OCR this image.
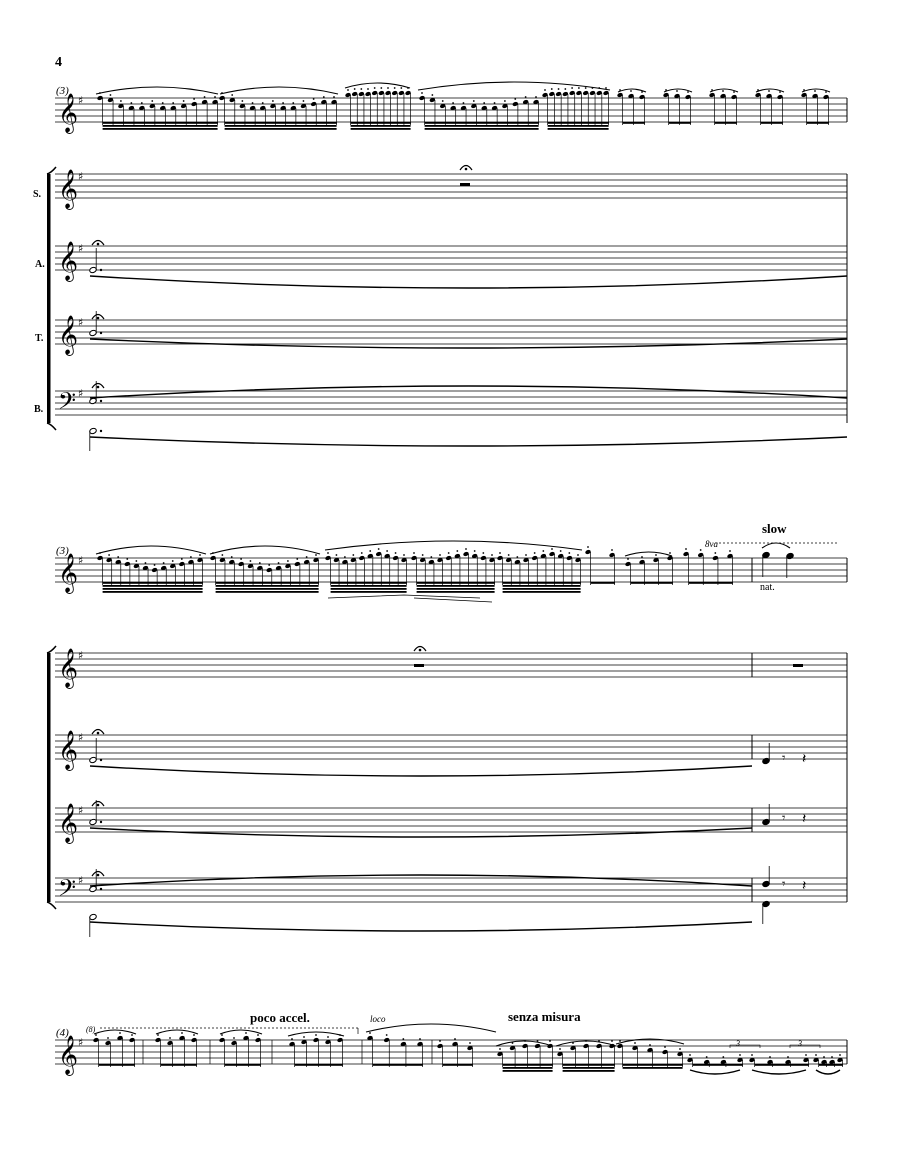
4
(3)
𝄞 ♯
S.
A.
T.
B.
𝄞 ♯
𝄞 ♯
𝄞 ♯
𝄢 ♯
slow
(3)
8va
nat.
𝄞 ♯
𝄞 ♯
𝄞 ♯
𝄞 ♯
𝄢 ♯
𝄾 𝄽
𝄾 𝄽
𝄾 𝄽
poco accel.	senza misura
(4) (8)
loco
3	3
𝄞 ♯
